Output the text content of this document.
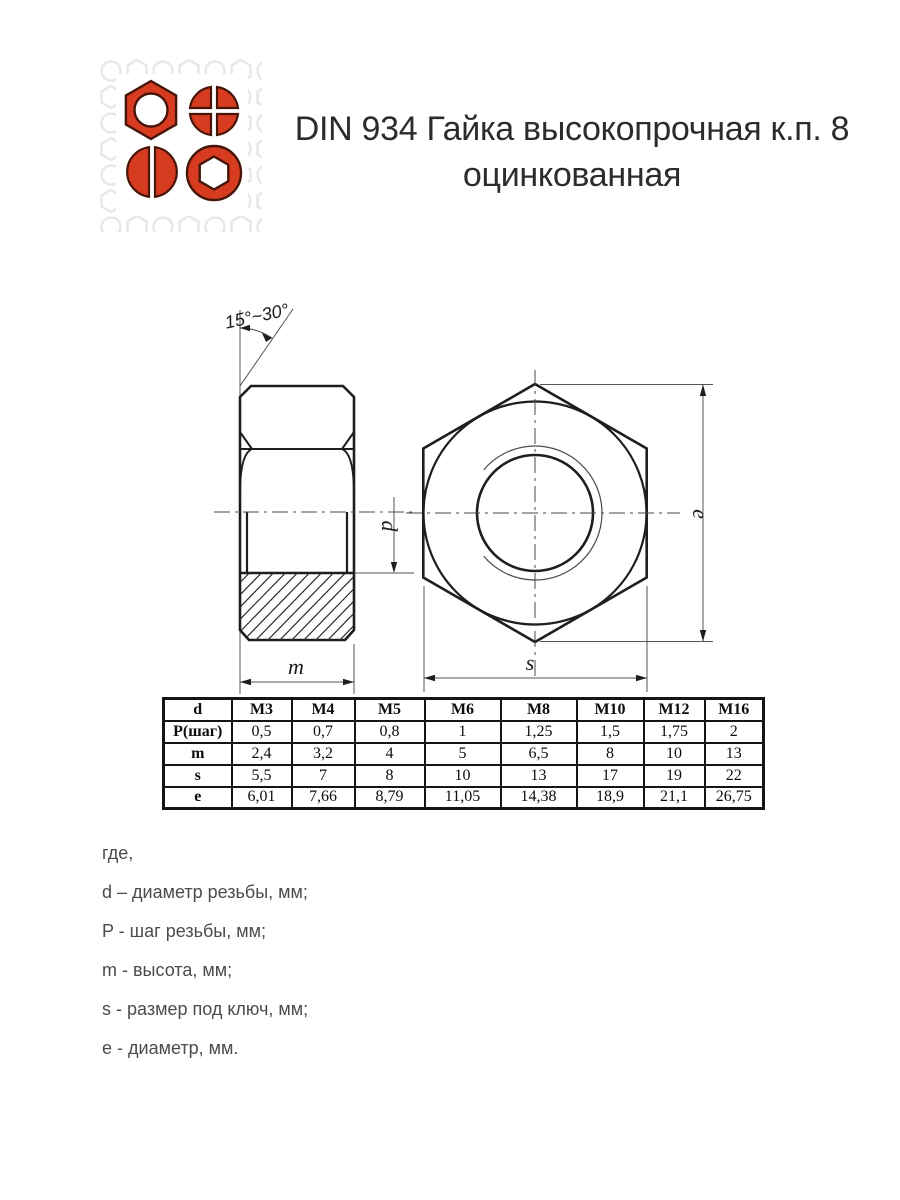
DIN 934 Гайка высокопрочная к.п. 8
оцинкованная
15°~30°
m
d
s
e
d	M3	M4	M5	M6	M8	M10	M12	M16
P(шаг)	0,5	0,7	0,8	1	1,25	1,5	1,75	2
m	2,4	3,2	4	5	6,5	8	10	13
s	5,5	7	8	10	13	17	19	22
e	6,01	7,66	8,79	11,05	14,38	18,9	21,1	26,75
где,
d – диаметр резьбы, мм;
P - шаг резьбы, мм;
m - высота, мм;
s - размер под ключ, мм;
e - диаметр, мм.
